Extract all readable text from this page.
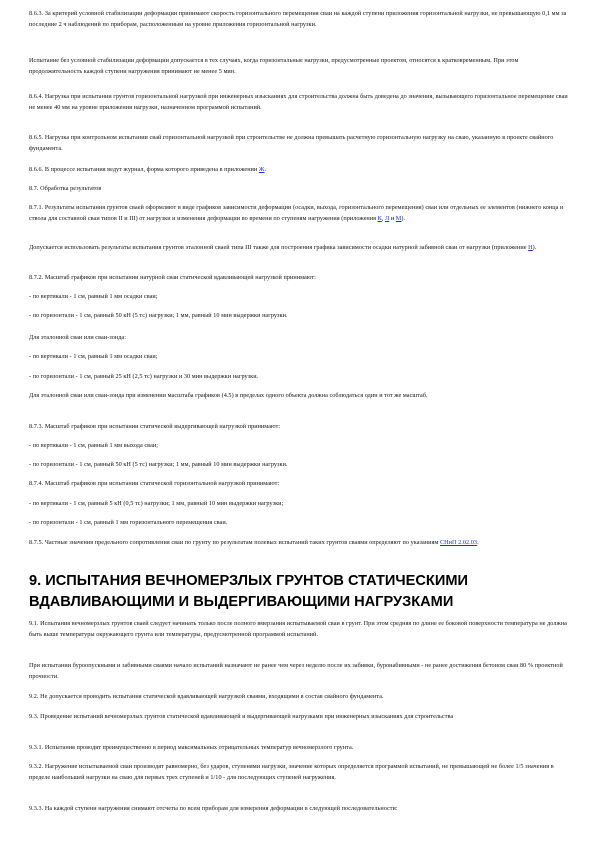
8.6.3. За критерий условной стабилизации деформации принимают скорость горизонтального перемещения сваи на каждой ступени приложения горизонтальной нагрузки, не превышающую 0,1 мм за последние 2 ч наблюдений по приборам, расположенным на уровне приложения горизонтальной нагрузки.

Испытание без условной стабилизации деформации допускается в тех случаях, когда горизонтальные нагрузки, предусмотренные проектом, относятся к кратковременным. При этом продолжительность каждой ступени нагружения принимают не менее 5 мин.

8.6.4. Нагрузка при испытании грунтов горизонтальной нагрузкой при инженерных изысканиях для строительства должна быть доведена до значения, вызывающего горизонтальное перемещение сваи не менее 40 мм на уровне приложения нагрузки, назначенном программой испытаний.

8.6.5. Нагрузка при контрольном испытании свай горизонтальной нагрузкой при строительстве не должна превышать расчетную горизонтальную нагрузку на сваю, указанную в проекте свайного фундамента.

8.6.6. В процессе испытания ведут журнал, форма которого приведена в приложении Ж.

8.7. Обработка результатов

8.7.1. Результаты испытания грунтов сваей оформляют в виде графиков зависимости деформации (осадки, выхода, горизонтального перемещения) сваи или отдельных ее элементов (нижнего конца и ствола для составной сваи типов II и III) от нагрузки и изменения деформации во времени по ступеням нагружения (приложения К, Л и М).

Допускается использовать результаты испытания грунтов эталонной сваей типа III также для построения графика зависимости осадки натурной забивной сваи от нагрузки (приложение Н).

8.7.2. Масштаб графиков при испытании натурной сваи статической вдавливающей нагрузкой принимают:

- по вертикали - 1 см, равный 1 мм осадки сваи;

- по горизонтали - 1 см, равный 50 кН (5 тс) нагрузки; 1 мм, равный 10 мин выдержки нагрузки.

Для эталонной сваи или сваи-зонда:

- по вертикали - 1 см, равный 1 мм осадки сваи;

- по горизонтали - 1 см, равный 25 кН (2,5 тс) нагрузки и 30 мин выдержки нагрузки.

Для эталонной сваи или сваи-зонда при изменении масштаба графиков (4.5) в пределах одного объекта должна соблюдаться один и тот же масштаб.

8.7.3. Масштаб графиков при испытании статической выдергивающей нагрузкой принимают:

- по вертикали - 1 см, равный 1 мм выхода сваи;

- по горизонтали - 1 см, равный 50 кН (5 тс) нагрузки; 1 мм, равный 10 мин выдержки нагрузки.

8.7.4. Масштаб графиков при испытании статической горизонтальной нагрузкой принимают:

- по вертикали - 1 см, равный 5 кН (0,5 тс) нагрузки; 1 мм, равный 10 мин выдержки нагрузки;

- по горизонтали - 1 см, равный 1 мм горизонтального перемещения сваи.

8.7.5. Частные значения предельного сопротивления сваи по грунту по результатам полевых испытаний таких грунтов сваями определяют по указаниям СНиП 2.02.03.

9. ИСПЫТАНИЯ ВЕЧНОМЕРЗЛЫХ ГРУНТОВ СТАТИЧЕСКИМИ ВДАВЛИВАЮЩИМИ И ВЫДЕРГИВАЮЩИМИ НАГРУЗКАМИ

9.1. Испытания вечномерзлых грунтов сваей следует начинать только после полного вмерзания испытываемой сваи в грунт. При этом средняя по длине ее боковой поверхности температура не должна быть выше температуры окружающего грунта или температуры, предусмотренной программой испытаний.

При испытании буроопускными и забивными сваями начало испытаний назначают не ранее чем через неделю после их забивки, буронабивными - не ранее достижения бетоном сваи 80 % проектной прочности.

9.2. Не допускается проводить испытания статической вдавливающей нагрузкой сваями, входящими в состав свайного фундамента.

9.3. Проведение испытаний вечномерзлых грунтов статической вдавливающей и выдергивающей нагрузками при инженерных изысканиях для строительства

9.3.1. Испытания проводят преимущественно в период максимальных отрицательных температур вечномерзлого грунта.

9.3.2. Нагружение испытываемой сваи производят равномерно, без ударов, ступенями нагрузки, значение которых определяется программой испытаний, не превышающей не более 1/5 значения в пределе наибольшей нагрузки на сваю для первых трех ступеней и 1/10 - для последующих ступеней нагружения.

9.3.3. На каждой ступени нагружения снимают отсчеты по всем приборам для измерения деформации в следующей последовательности:
